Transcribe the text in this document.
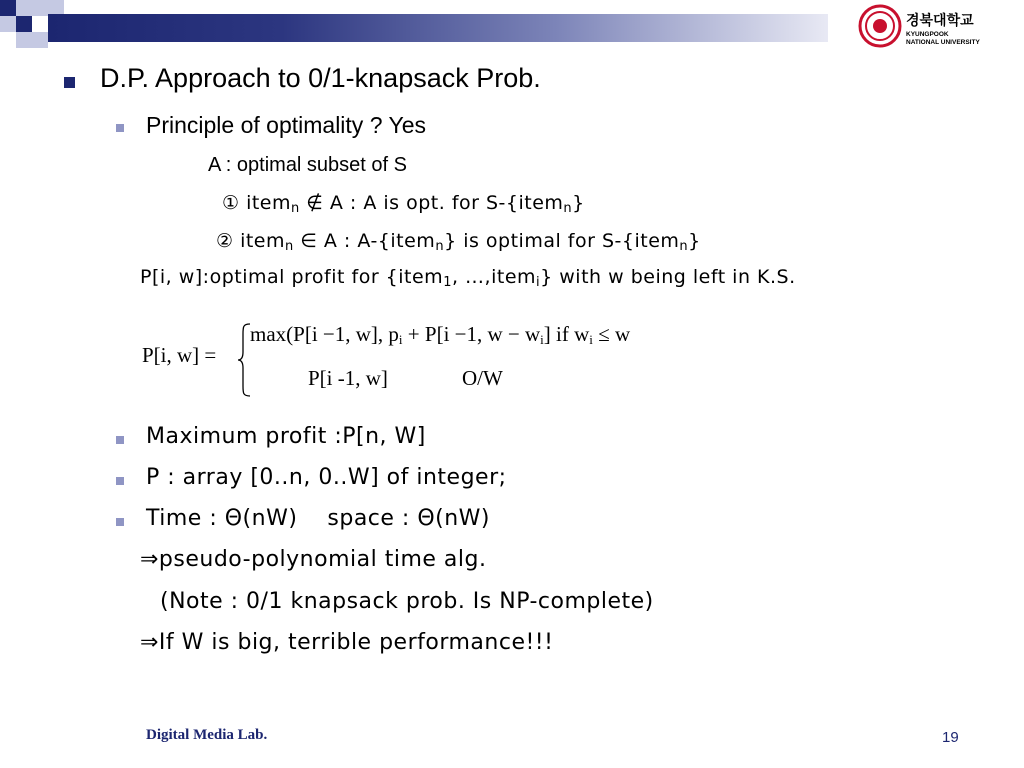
경북대학교
KYUNGPOOK
NATIONAL UNIVERSITY
D.P. Approach to 0/1-knapsack Prob.
Principle of optimality ? Yes
A : optimal subset of S
① item$_n$ ∉ A : A is opt. for S-{item$_n$}
② item$_n$ ∈ A : A-{item$_n$} is optimal for S-{item$_n$}
P[i, w]:optimal profit for {item$_1$, …,item$_i$} with w being left in K.S.
P[i, w] =
max(P[i −1, w], $p_i + P[i -1$, $w - w_i$] if $w_i \le w$
P[i -1, w]	O/W
Maximum profit :P[n, W]
P : array [0..n, 0..W] of integer;
Time : Θ(nW)    space : Θ(nW)
⇒pseudo-polynomial time alg.
(Note : 0/1 knapsack prob. Is NP-complete)
⇒If W is big, terrible performance!!!
Digital Media Lab.	19
